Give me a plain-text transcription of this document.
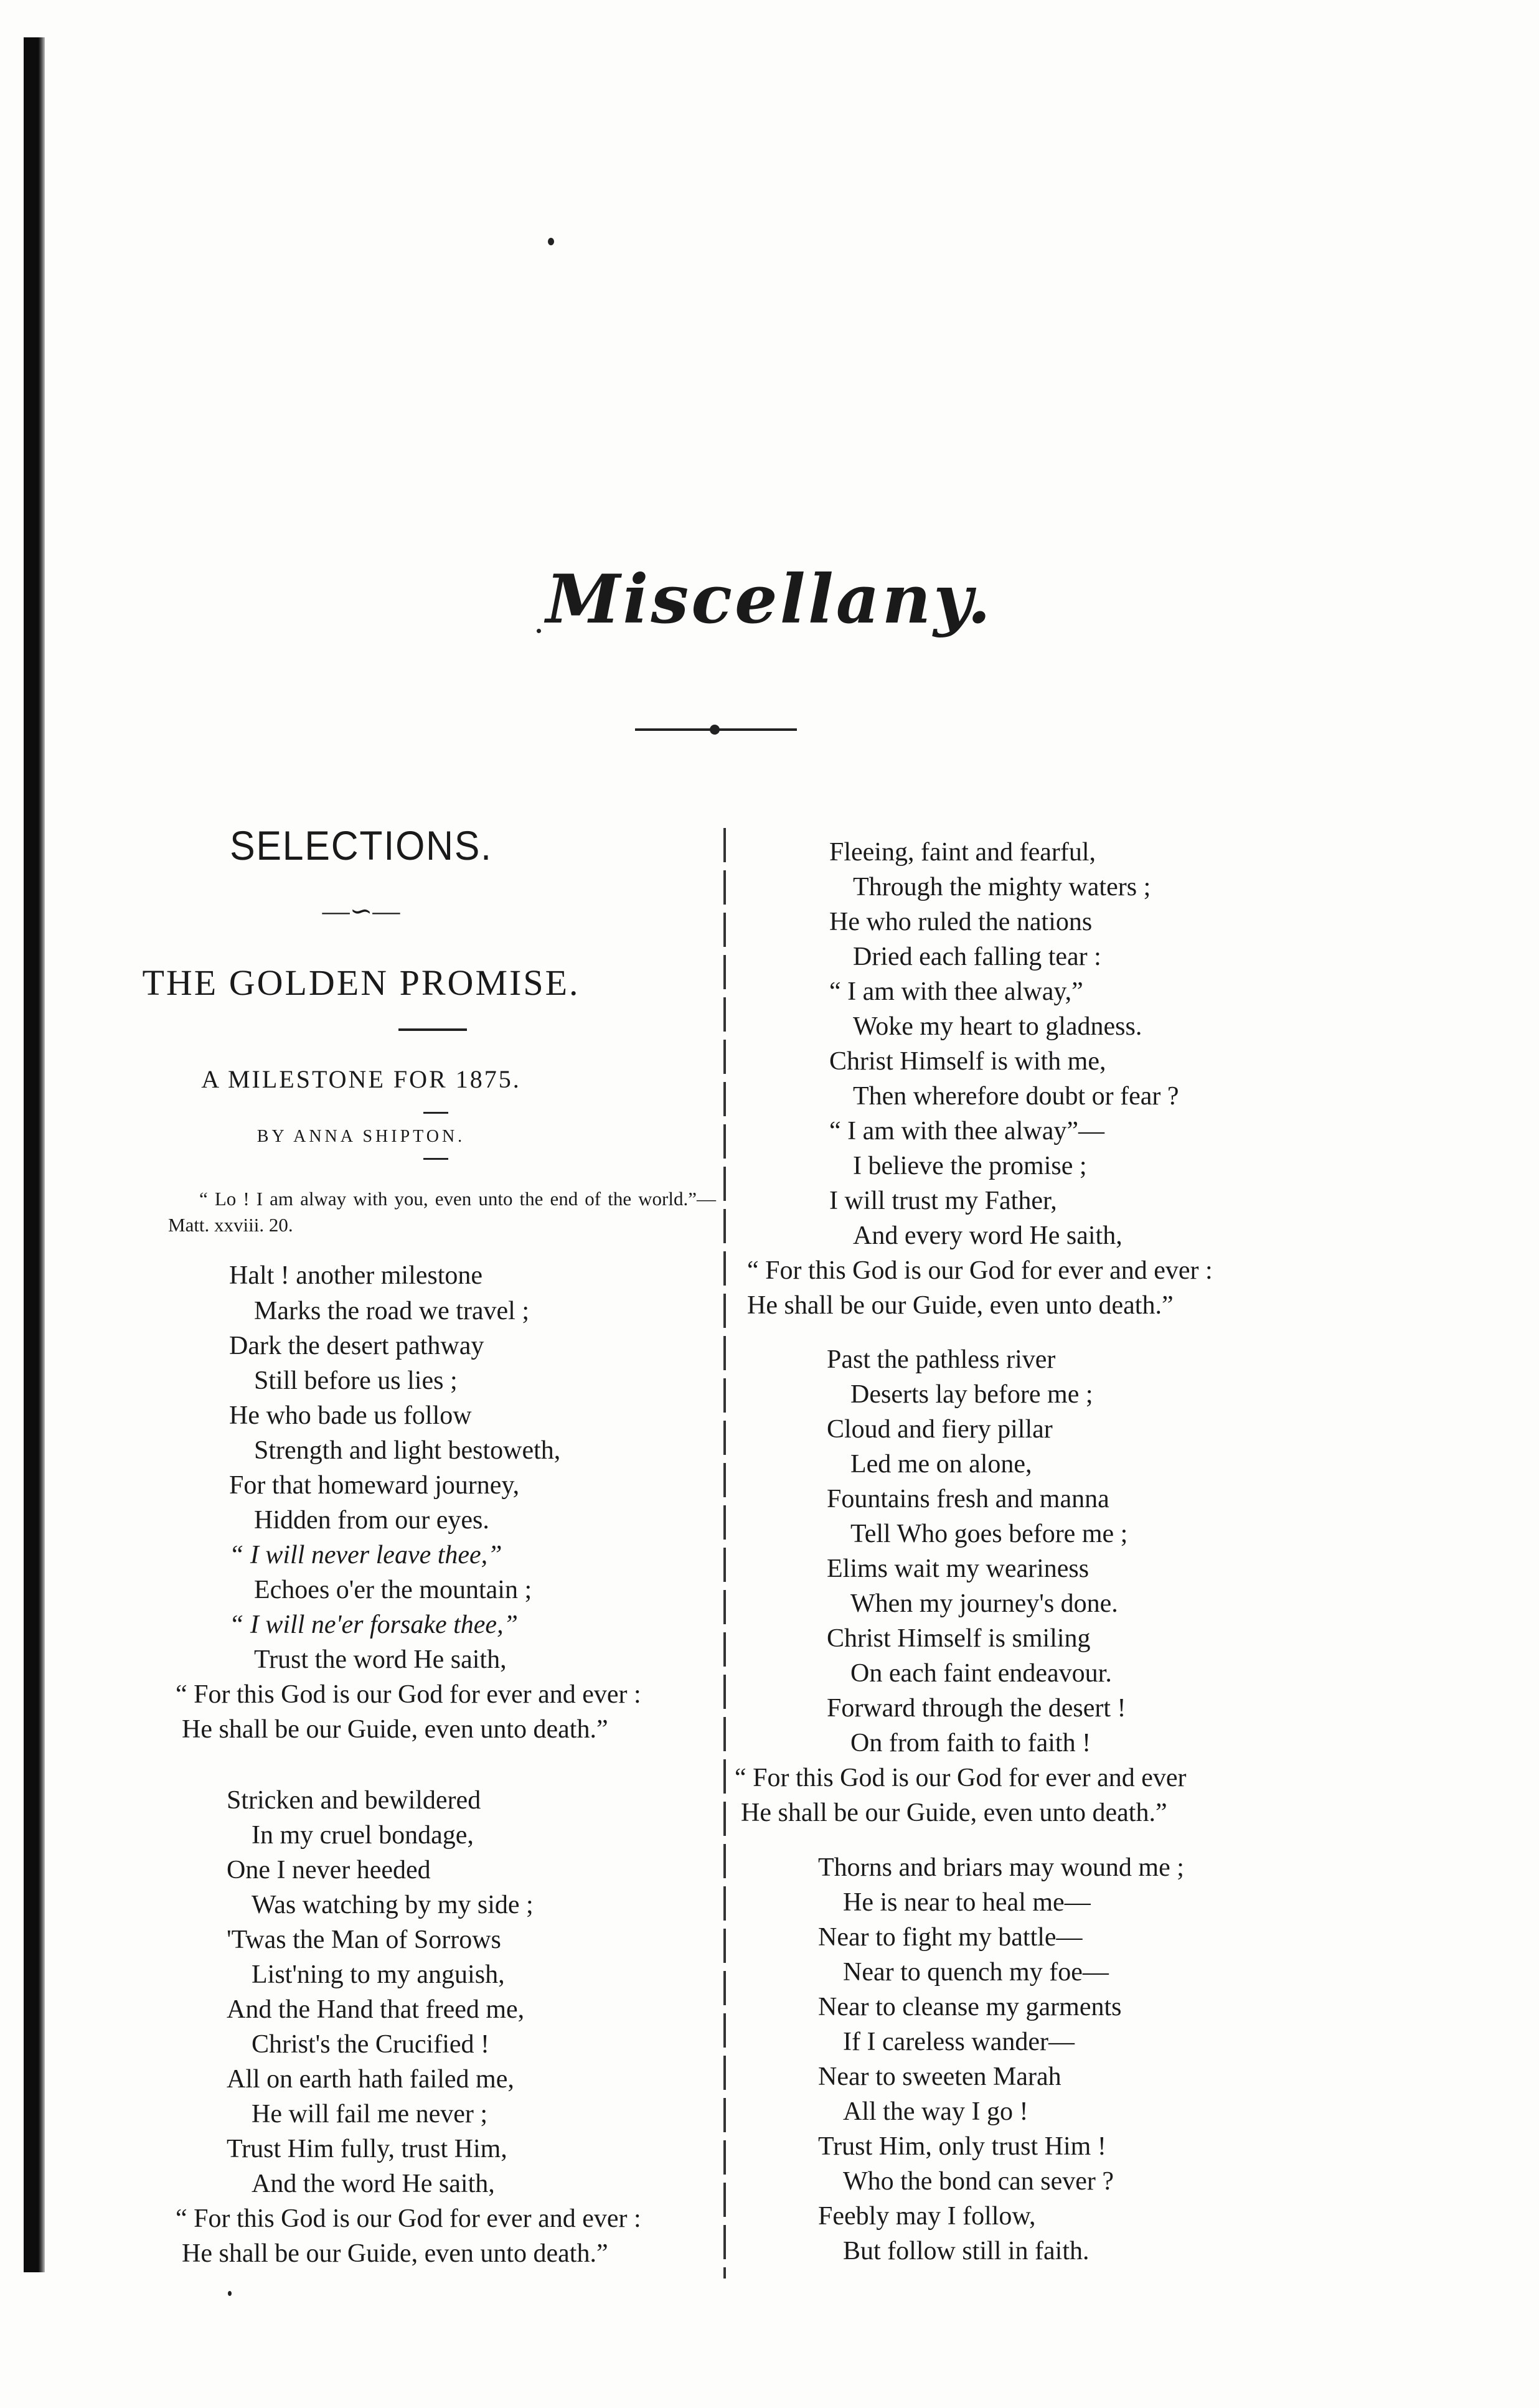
Miscellany.
SELECTIONS.
—∽—
THE GOLDEN PROMISE.
A MILESTONE FOR 1875.
BY ANNA SHIPTON.
“ Lo ! I am alway with you, even unto the end of the world.”—Matt. xxviii. 20.
Halt ! another milestone
Marks the road we travel ;
Dark the desert pathway
Still before us lies ;
He who bade us follow
Strength and light bestoweth,
For that homeward journey,
Hidden from our eyes.
“ I will never leave thee,”
Echoes o'er the mountain ;
“ I will ne'er forsake thee,”
Trust the word He saith,
“ For this God is our God for ever and ever :
He shall be our Guide, even unto death.”
Stricken and bewildered
In my cruel bondage,
One I never heeded
Was watching by my side ;
'Twas the Man of Sorrows
List'ning to my anguish,
And the Hand that freed me,
Christ's the Crucified !
All on earth hath failed me,
He will fail me never ;
Trust Him fully, trust Him,
And the word He saith,
“ For this God is our God for ever and ever :
He shall be our Guide, even unto death.”
Fleeing, faint and fearful,
Through the mighty waters ;
He who ruled the nations
Dried each falling tear :
“ I am with thee alway,”
Woke my heart to gladness.
Christ Himself is with me,
Then wherefore doubt or fear ?
“ I am with thee alway”—
I believe the promise ;
I will trust my Father,
And every word He saith,
“ For this God is our God for ever and ever :
He shall be our Guide, even unto death.”
Past the pathless river
Deserts lay before me ;
Cloud and fiery pillar
Led me on alone,
Fountains fresh and manna
Tell Who goes before me ;
Elims wait my weariness
When my journey's done.
Christ Himself is smiling
On each faint endeavour.
Forward through the desert !
On from faith to faith !
“ For this God is our God for ever and ever
He shall be our Guide, even unto death.”
Thorns and briars may wound me ;
He is near to heal me—
Near to fight my battle—
Near to quench my foe—
Near to cleanse my garments
If I careless wander—
Near to sweeten Marah
All the way I go !
Trust Him, only trust Him !
Who the bond can sever ?
Feebly may I follow,
But follow still in faith.
